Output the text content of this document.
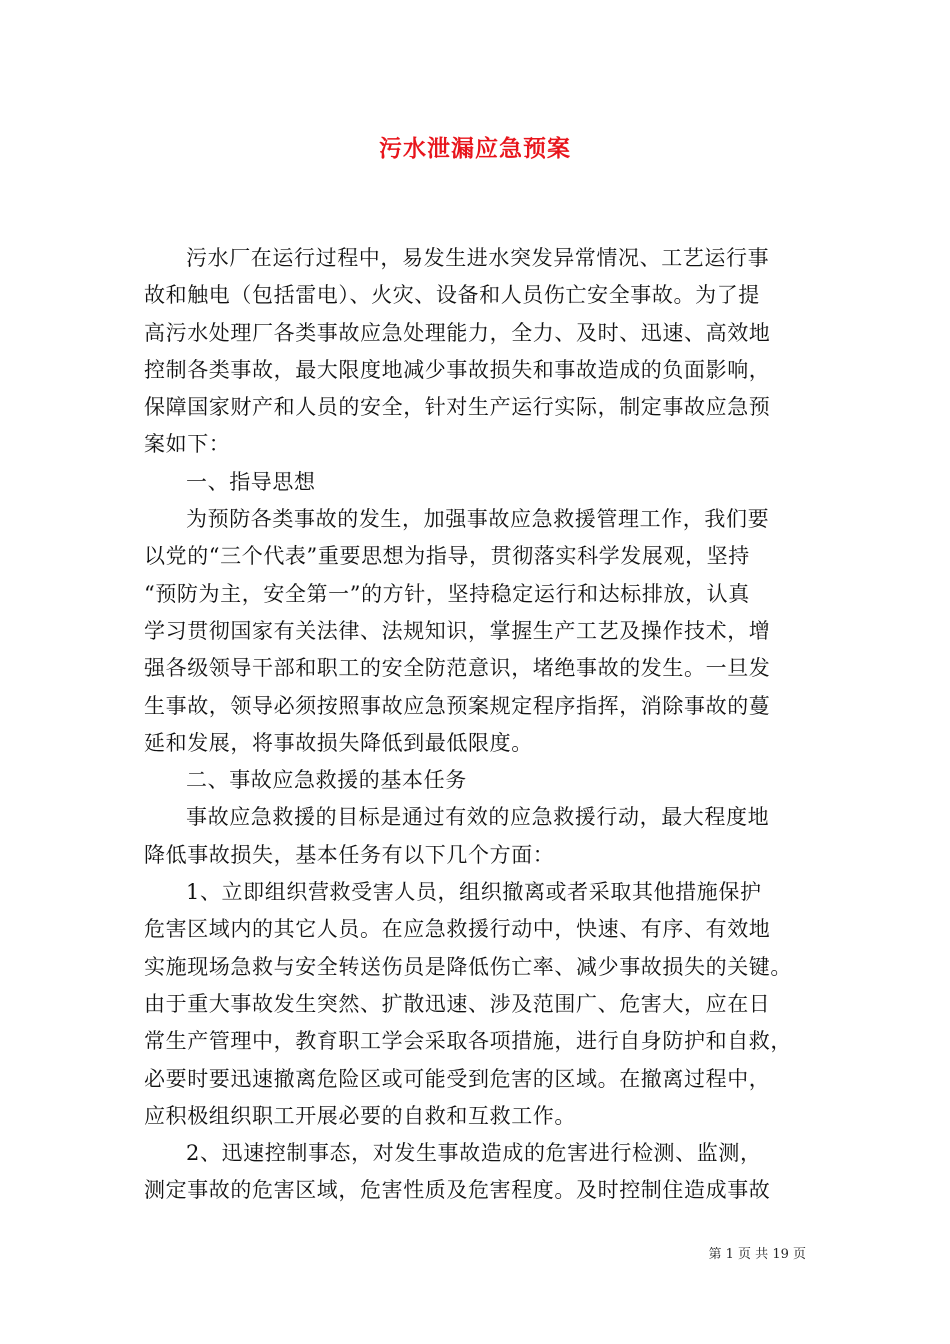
污水泄漏应急预案
污水厂在运行过程中，易发生进水突发异常情况、工艺运行事
故和触电（包括雷电）、火灾、设备和人员伤亡安全事故。为了提
高污水处理厂各类事故应急处理能力，全力、及时、迅速、高效地
控制各类事故，最大限度地减少事故损失和事故造成的负面影响，
保障国家财产和人员的安全，针对生产运行实际，制定事故应急预
案如下：
一、指导思想
为预防各类事故的发生，加强事故应急救援管理工作，我们要
以党的“三个代表”重要思想为指导，贯彻落实科学发展观，坚持
“预防为主，安全第一”的方针，坚持稳定运行和达标排放，认真
学习贯彻国家有关法律、法规知识，掌握生产工艺及操作技术，增
强各级领导干部和职工的安全防范意识，堵绝事故的发生。一旦发
生事故，领导必须按照事故应急预案规定程序指挥，消除事故的蔓
延和发展，将事故损失降低到最低限度。
二、事故应急救援的基本任务
事故应急救援的目标是通过有效的应急救援行动，最大程度地
降低事故损失，基本任务有以下几个方面：
1、立即组织营救受害人员，组织撤离或者采取其他措施保护
危害区域内的其它人员。在应急救援行动中，快速、有序、有效地
实施现场急救与安全转送伤员是降低伤亡率、减少事故损失的关键。
由于重大事故发生突然、扩散迅速、涉及范围广、危害大，应在日
常生产管理中，教育职工学会采取各项措施，进行自身防护和自救，
必要时要迅速撤离危险区或可能受到危害的区域。在撤离过程中，
应积极组织职工开展必要的自救和互救工作。
2、迅速控制事态，对发生事故造成的危害进行检测、监测，
测定事故的危害区域，危害性质及危害程度。及时控制住造成事故
第 1 页 共 19 页
